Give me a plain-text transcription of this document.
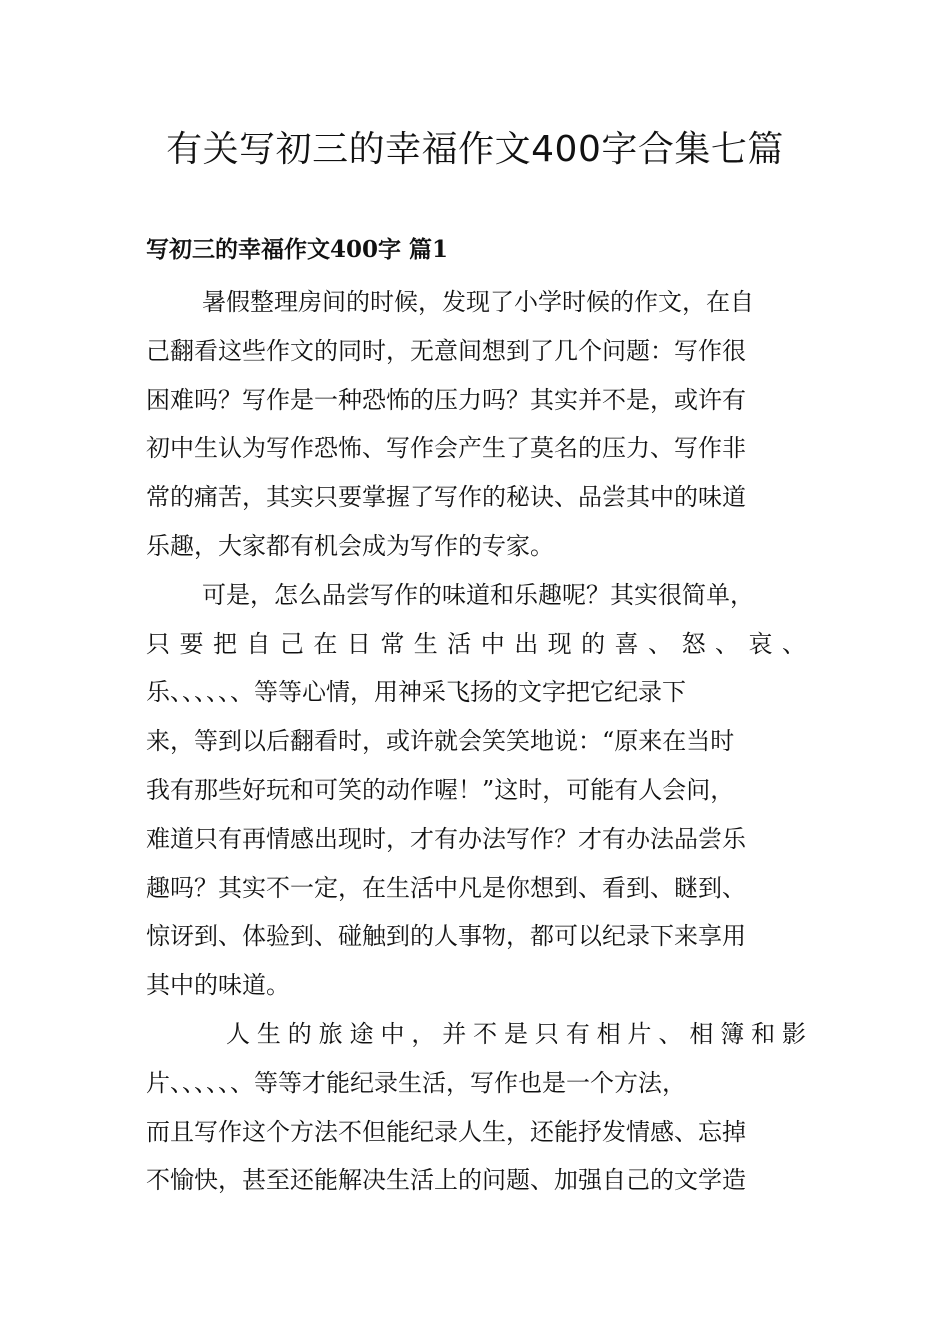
有关写初三的幸福作文400字合集七篇
写初三的幸福作文400字 篇1
暑假整理房间的时候，发现了小学时候的作文，在自
己翻看这些作文的同时，无意间想到了几个问题：写作很
困难吗？写作是一种恐怖的压力吗？其实并不是，或许有
初中生认为写作恐怖、写作会产生了莫名的压力、写作非
常的痛苦，其实只要掌握了写作的秘诀、品尝其中的味道
乐趣，大家都有机会成为写作的专家。
可是，怎么品尝写作的味道和乐趣呢？其实很简单，
只要把自己在日常生活中出现的喜、怒、哀、
乐、、、、、、等等心情，用神采飞扬的文字把它纪录下
来，等到以后翻看时，或许就会笑笑地说：“原来在当时
我有那些好玩和可笑的动作喔！”这时，可能有人会问，
难道只有再情感出现时，才有办法写作？才有办法品尝乐
趣吗？其实不一定，在生活中凡是你想到、看到、瞇到、
惊讶到、体验到、碰触到的人事物，都可以纪录下来享用
其中的味道。
人生的旅途中，并不是只有相片、相簿和影
片、、、、、、等等才能纪录生活，写作也是一个方法，
而且写作这个方法不但能纪录人生，还能抒发情感、忘掉
不愉快，甚至还能解决生活上的问题、加强自己的文学造
